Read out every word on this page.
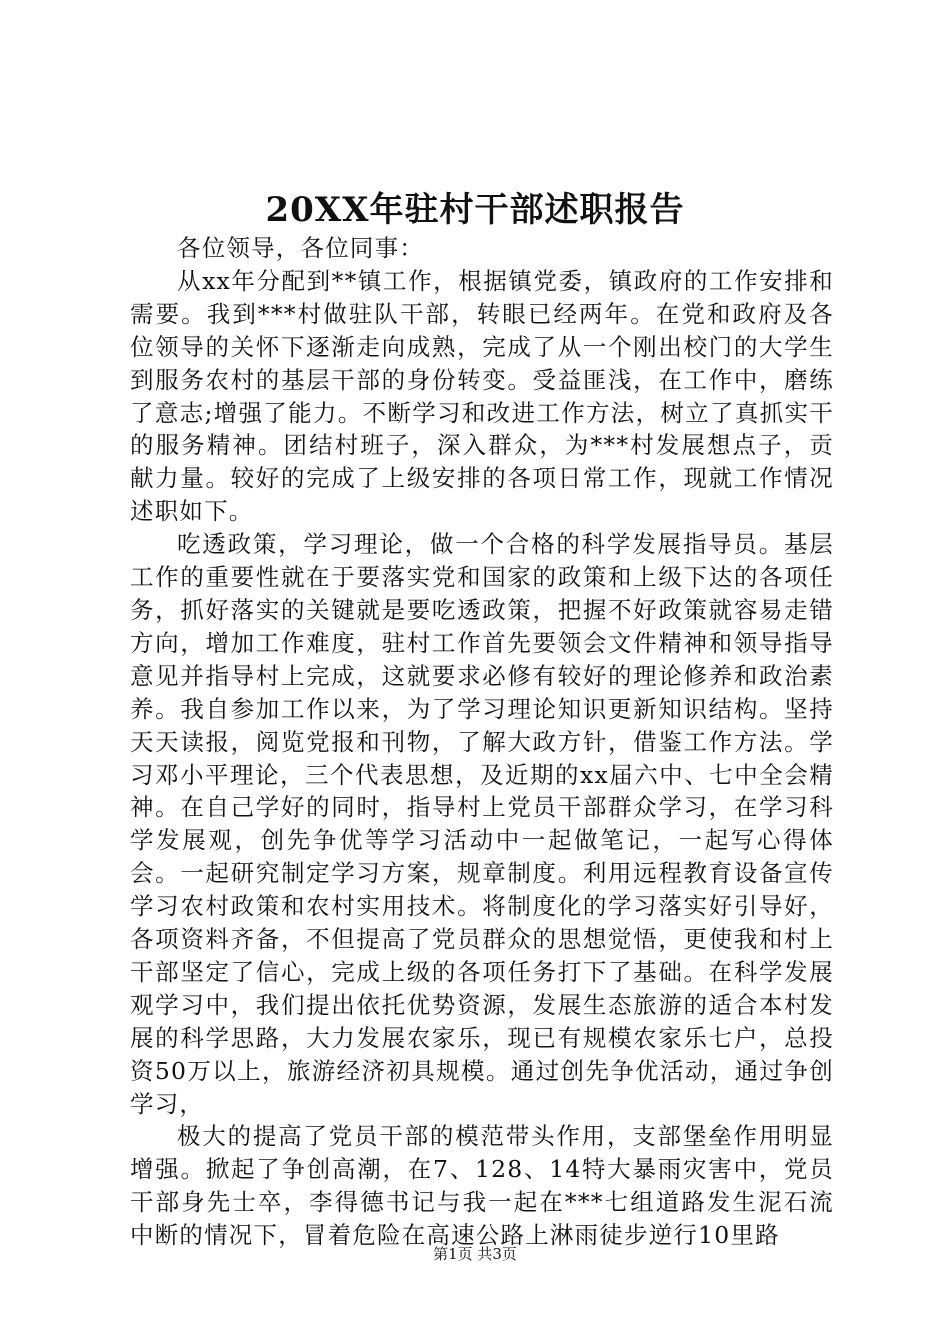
20XX年驻村干部述职报告

各位领导，各位同事：

从xx年分配到**镇工作，根据镇党委，镇政府的工作安排和需要。我到***村做驻队干部，转眼已经两年。在党和政府及各位领导的关怀下逐渐走向成熟，完成了从一个刚出校门的大学生到服务农村的基层干部的身份转变。受益匪浅，在工作中，磨练了意志;增强了能力。不断学习和改进工作方法，树立了真抓实干的服务精神。团结村班子，深入群众，为***村发展想点子，贡献力量。较好的完成了上级安排的各项日常工作，现就工作情况述职如下。

吃透政策，学习理论，做一个合格的科学发展指导员。基层工作的重要性就在于要落实党和国家的政策和上级下达的各项任务，抓好落实的关键就是要吃透政策，把握不好政策就容易走错方向，增加工作难度，驻村工作首先要领会文件精神和领导指导意见并指导村上完成，这就要求必修有较好的理论修养和政治素养。我自参加工作以来，为了学习理论知识更新知识结构。坚持天天读报，阅览党报和刊物，了解大政方针，借鉴工作方法。学习邓小平理论，三个代表思想，及近期的xx届六中、七中全会精神。在自己学好的同时，指导村上党员干部群众学习，在学习科学发展观，创先争优等学习活动中一起做笔记，一起写心得体会。一起研究制定学习方案，规章制度。利用远程教育设备宣传学习农村政策和农村实用技术。将制度化的学习落实好引导好，各项资料齐备，不但提高了党员群众的思想觉悟，更使我和村上干部坚定了信心，完成上级的各项任务打下了基础。在科学发展观学习中，我们提出依托优势资源，发展生态旅游的适合本村发展的科学思路，大力发展农家乐，现已有规模农家乐七户，总投资50万以上，旅游经济初具规模。通过创先争优活动，通过争创学习，

极大的提高了党员干部的模范带头作用，支部堡垒作用明显增强。掀起了争创高潮，在7、128、14特大暴雨灾害中，党员干部身先士卒，李得德书记与我一起在***七组道路发生泥石流中断的情况下，冒着危险在高速公路上淋雨徒步逆行10里路

第1页 共3页
